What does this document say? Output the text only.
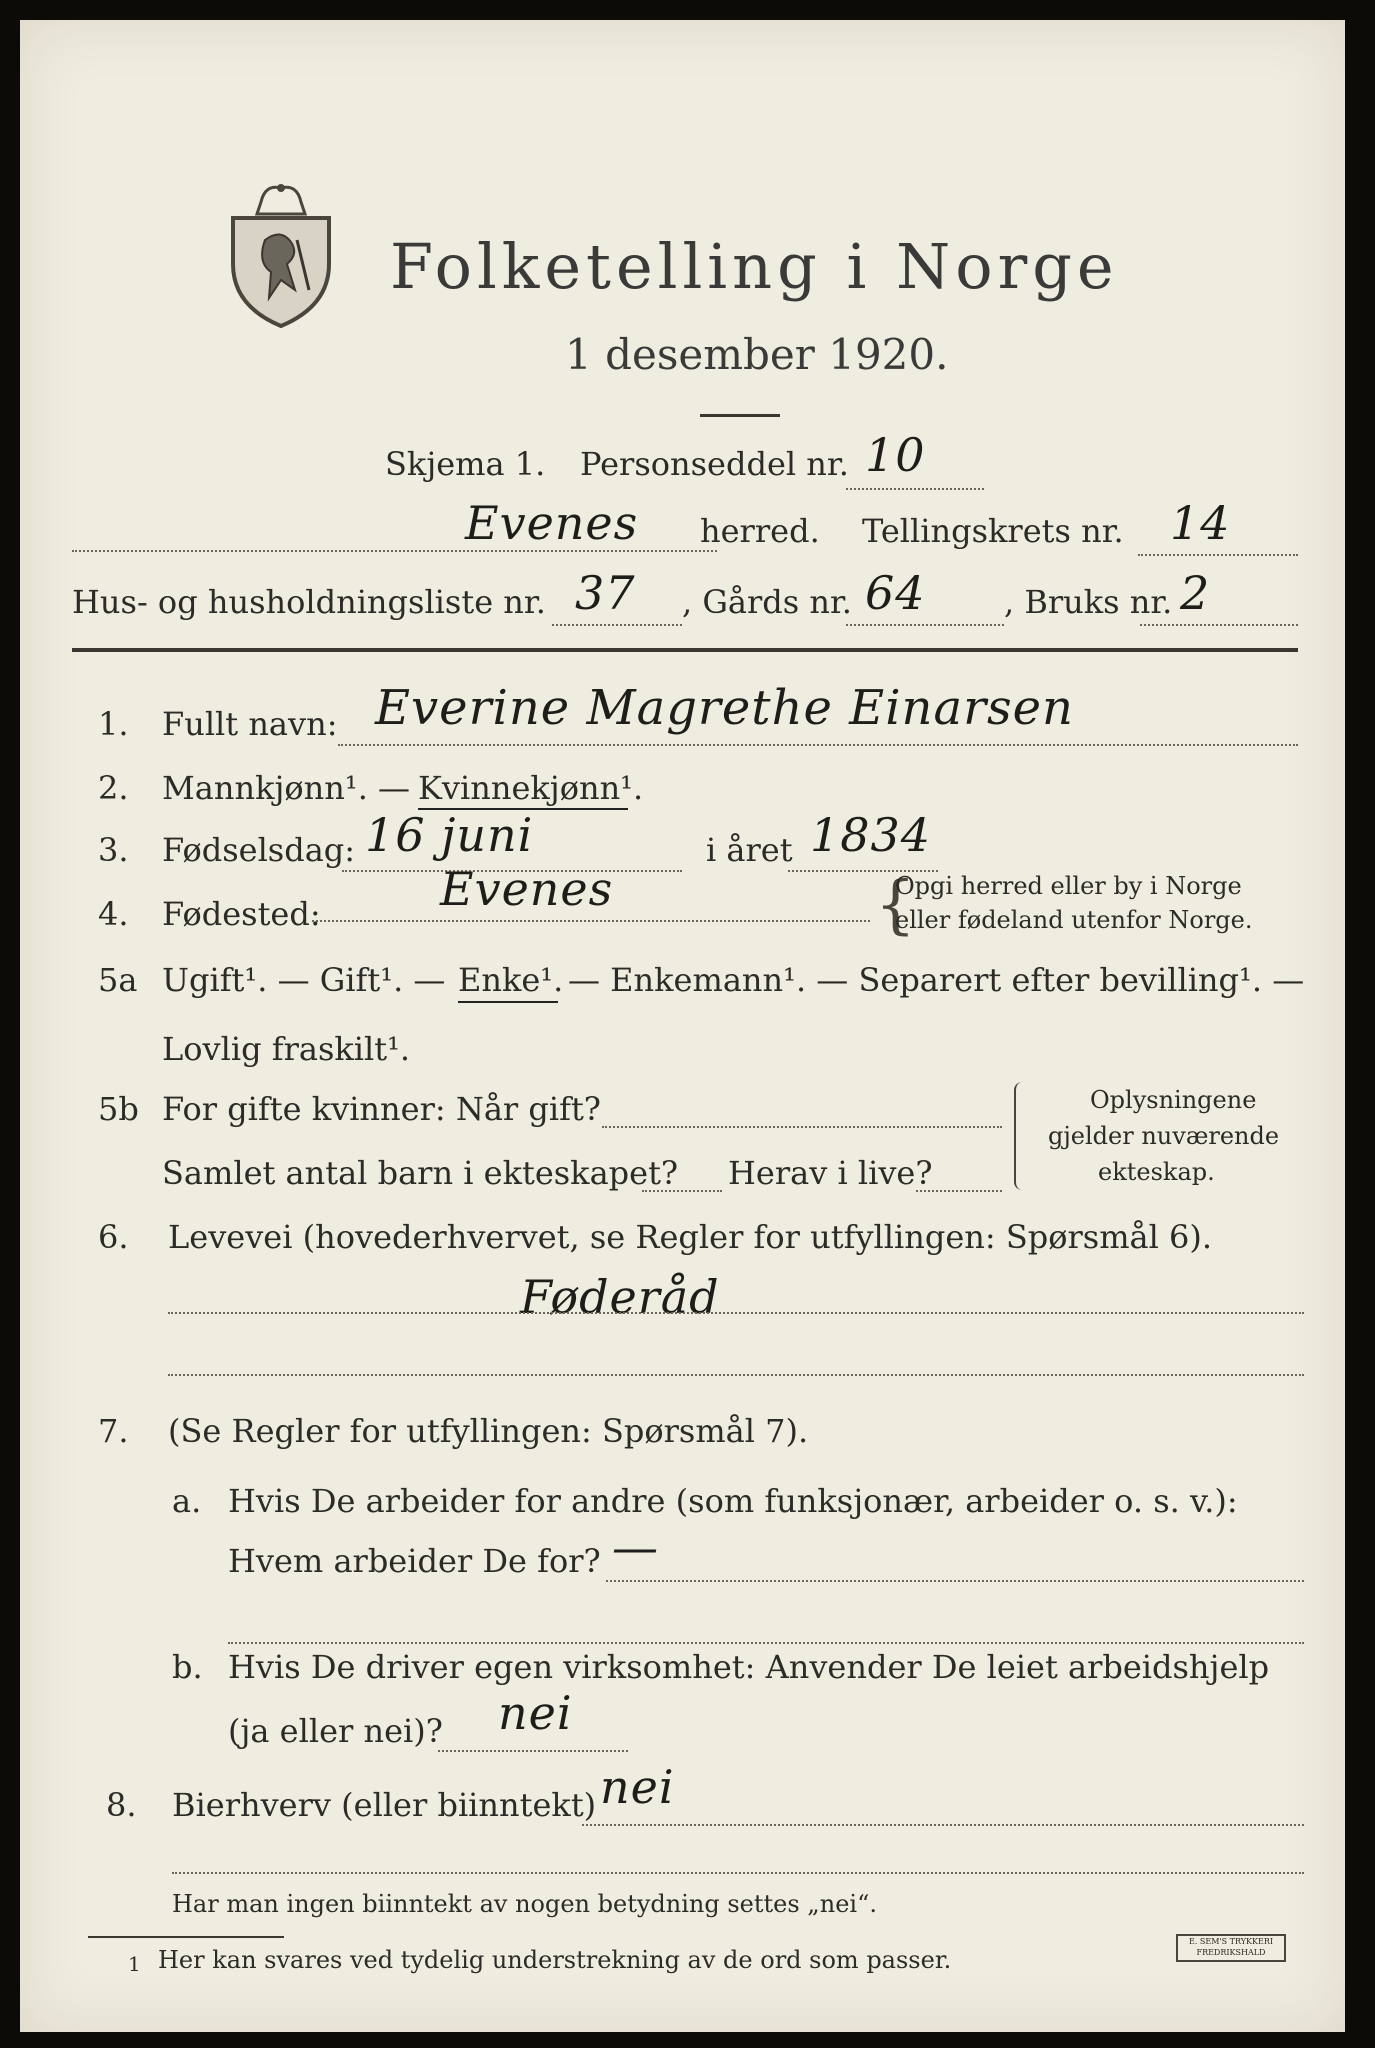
Folketelling i Norge
1 desember 1920.
Skjema 1. Personseddel nr. 10
Evenes herred. Tellingskrets nr. 14
Hus- og husholdningsliste nr. 37 , Gårds nr. 64 , Bruks nr. 2
1. Fullt navn: Everine Magrethe Einarsen
2. Mannkjønn¹. — Kvinnekjønn¹.
3. Fødselsdag: 16 juni	i året 1834
4. Fødested:	Evenes	{
Opgi herred eller by i Norge
eller fødeland utenfor Norge.
5a Ugift¹. — Gift¹. — Enke¹. — Enkemann¹. — Separert efter bevilling¹. —
Lovlig fraskilt¹.
5b For gifte kvinner: Når gift?
Samlet antal barn i ekteskapet? Herav i live?
Oplysningene
gjelder nuværende
ekteskap.
6. Levevei (hovederhvervet, se Regler for utfyllingen: Spørsmål 6).
Føderåd
7. (Se Regler for utfyllingen: Spørsmål 7).
a. Hvis De arbeider for andre (som funksjonær, arbeider o. s. v.):
Hvem arbeider De for? —
b. Hvis De driver egen virksomhet: Anvender De leiet arbeidshjelp
(ja eller nei)? nei
8. Bierhverv (eller biinntekt) nei
Har man ingen biinntekt av nogen betydning settes „nei“.
1 Her kan svares ved tydelig understrekning av de ord som passer.
E. SEM'S TRYKKERI FREDRIKSHALD
